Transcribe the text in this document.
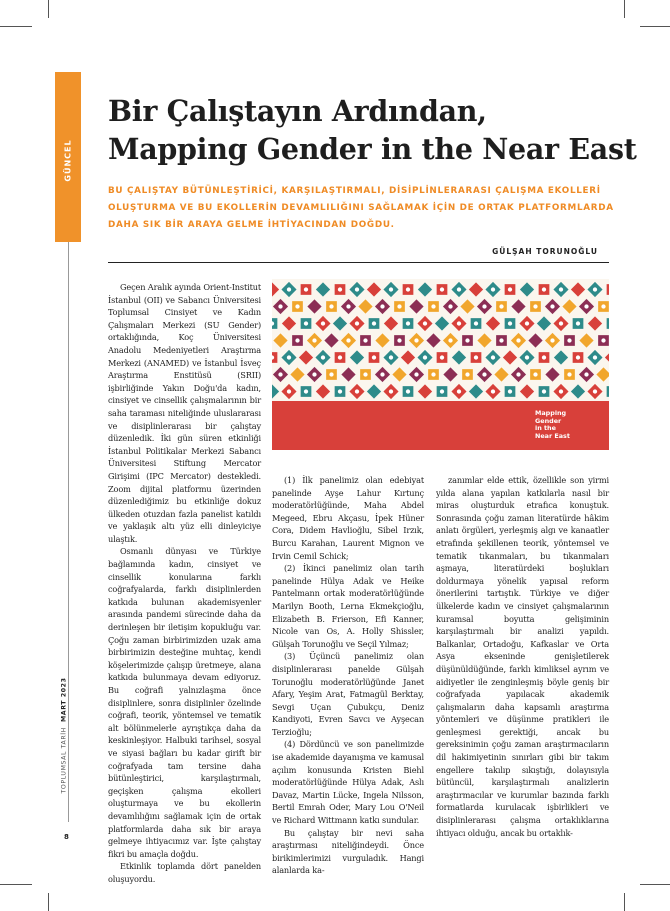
GÜNCEL
Bir Çalıştayın Ardından,
Mapping Gender in the Near East
BU ÇALIŞTAY BÜTÜNLEŞTİRİCİ, KARŞILAŞTIRMALI, DİSİPLİNLERARASI ÇALIŞMA EKOLLERİ
OLUŞTURMA VE BU EKOLLERİN DEVAMLILIĞINI SAĞLAMAK İÇİN DE ORTAK PLATFORMLARDA
DAHA SIK BİR ARAYA GELME İHTİYACINDAN DOĞDU.
GÜLŞAH TORUNOĞLU
Mapping
Gender
in the
Near East

Geçen Aralık ayında Orient-Institut İstanbul (OII) ve Sabancı Üniversitesi Toplumsal Cinsiyet ve Kadın Çalışmaları Merkezi (SU Gender) ortaklığında, Koç Üniversitesi Anadolu Medeniyetleri Araştırma Merkezi (ANAMED) ve İstanbul İsveç Araştırma Enstitüsü (SRII) işbirliğinde Yakın Doğu'da kadın, cinsiyet ve cinsellik çalışmalarının bir saha taraması niteliğinde uluslararası ve disiplinlerarası bir çalıştay düzenledik. İki gün süren etkinliği İstanbul Politikalar Merkezi Sabancı Üniversitesi Stiftung Mercator Girişimi (IPC Mercator) destekledi. Zoom dijital platformu üzerinden düzenlediğimiz bu etkinliğe dokuz ülkeden otuzdan fazla panelist katıldı ve yaklaşık altı yüz elli dinleyiciye ulaştık.

Osmanlı dünyası ve Türkiye bağlamında kadın, cinsiyet ve cinsellik konularına farklı coğrafyalarda, farklı disiplinlerden katkıda bulunan akademisyenler arasında pandemi sürecinde daha da derinleşen bir iletişim kopukluğu var. Çoğu zaman birbirimizden uzak ama birbirimizin desteğine muhtaç, kendi köşelerimizde çalışıp üretmeye, alana katkıda bulunmaya devam ediyoruz. Bu coğrafi yalnızlaşma önce disiplinlere, sonra disiplinler özelinde coğrafi, teorik, yöntemsel ve tematik alt bölünmelerle ayrıştıkça daha da keskinleşiyor. Halbuki tarihsel, sosyal ve siyasi bağları bu kadar girift bir coğrafyada tam tersine daha bütünleştirici, karşılaştırmalı, geçişken çalışma ekolleri oluşturmaya ve bu ekollerin devamlılığını sağlamak için de ortak platformlarda daha sık bir araya gelmeye ihtiyacımız var. İşte çalıştay fikri bu amaçla doğdu.

Etkinlik toplamda dört panelden oluşuyordu.

(1) İlk panelimiz olan edebiyat panelinde Ayşe Lahur Kırtunç moderatörlüğünde, Maha Abdel Megeed, Ebru Akçasu, İpek Hüner Cora, Didem Havlioğlu, Sibel Irzık, Burcu Karahan, Laurent Mignon ve Irvin Cemil Schick;

(2) İkinci panelimiz olan tarih panelinde Hülya Adak ve Heike Pantelmann ortak moderatörlüğünde Marilyn Booth, Lerna Ekmekçioğlu, Elizabeth B. Frierson, Efi Kanner, Nicole van Os, A. Holly Shissler, Gülşah Torunoğlu ve Seçil Yılmaz;

(3) Üçüncü panelimiz olan disiplinlerarası panelde Gülşah Torunoğlu moderatörlüğünde Janet Afary, Yeşim Arat, Fatmagül Berktay, Sevgi Uçan Çubukçu, Deniz Kandiyoti, Evren Savcı ve Ayşecan Terzioğlu;

(4) Dördüncü ve son panelimizde ise akademide dayanışma ve kamusal açılım konusunda Kristen Biehl moderatörlüğünde Hülya Adak, Aslı Davaz, Martin Lücke, Ingela Nilsson, Bertil Emrah Oder, Mary Lou O'Neil ve Richard Wittmann katkı sundular.

Bu çalıştay bir nevi saha araştırması niteliğindeydi. Önce birikimlerimizi vurguladık. Hangi alanlarda ka-

zanımlar elde ettik, özellikle son yirmi yılda alana yapılan katkılarla nasıl bir miras oluşturduk etrafıca konuştuk. Sonrasında çoğu zaman literatürde hâkim anlatı örgüleri, yerleşmiş algı ve kanaatler etrafında şekillenen teorik, yöntemsel ve tematik tıkanmaları, bu tıkanmaları aşmaya, literatürdeki boşlukları doldurmaya yönelik yapısal reform önerilerini tartıştık. Türkiye ve diğer ülkelerde kadın ve cinsiyet çalışmalarının kuramsal boyutta gelişiminin karşılaştırmalı bir analizi yapıldı. Balkanlar, Ortadoğu, Kafkaslar ve Orta Asya ekseninde genişletilerek düşünüldüğünde, farklı kimliksel ayrım ve aidiyetler ile zenginleşmiş böyle geniş bir coğrafyada yapılacak akademik çalışmaların daha kapsamlı araştırma yöntemleri ve düşünme pratikleri ile genleşmesi gerektiği, ancak bu gereksinimin çoğu zaman araştırmacıların dil hakimiyetinin sınırları gibi bir takım engellere takılıp sıkıştığı, dolayısıyla bütüncül, karşılaştırmalı analizlerin araştırmacılar ve kurumlar bazında farklı formatlarda kurulacak işbirlikleri ve disiplinlerarası çalışma ortaklıklarına ihtiyacı olduğu, ancak bu ortaklık-

8
TOPLUMSAL TARİH  MART 2023
